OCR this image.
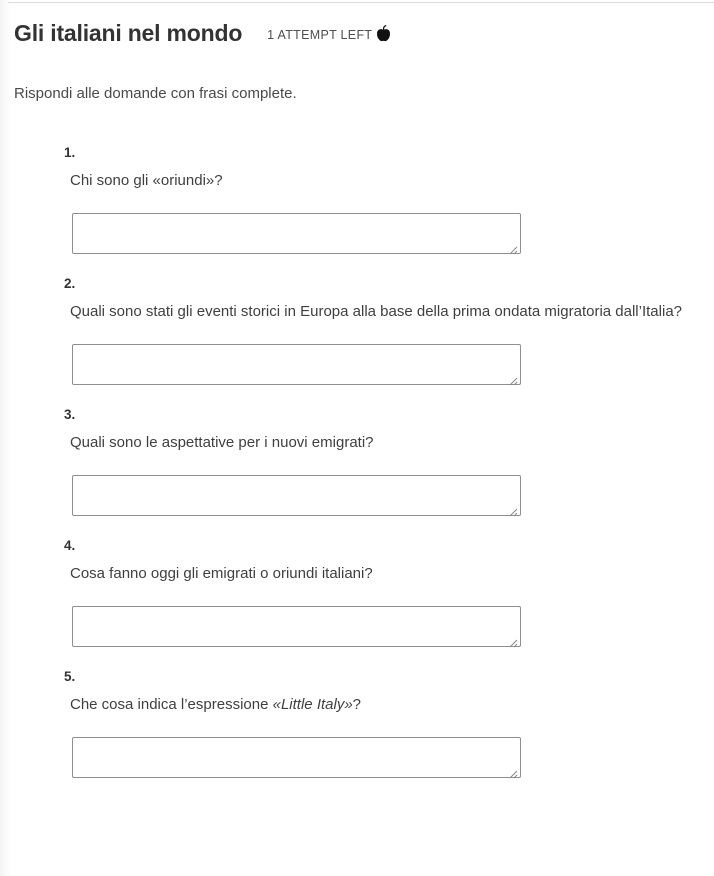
Gli italiani nel mondo 1 ATTEMPT LEFT

Rispondi alle domande con frasi complete.

1.
Chi sono gli «oriundi»?
2.
Quali sono stati gli eventi storici in Europa alla base della prima ondata migratoria dall’Italia?
3.
Quali sono le aspettative per i nuovi emigrati?
4.
Cosa fanno oggi gli emigrati o oriundi italiani?
5.
Che cosa indica l’espressione «Little Italy»?
